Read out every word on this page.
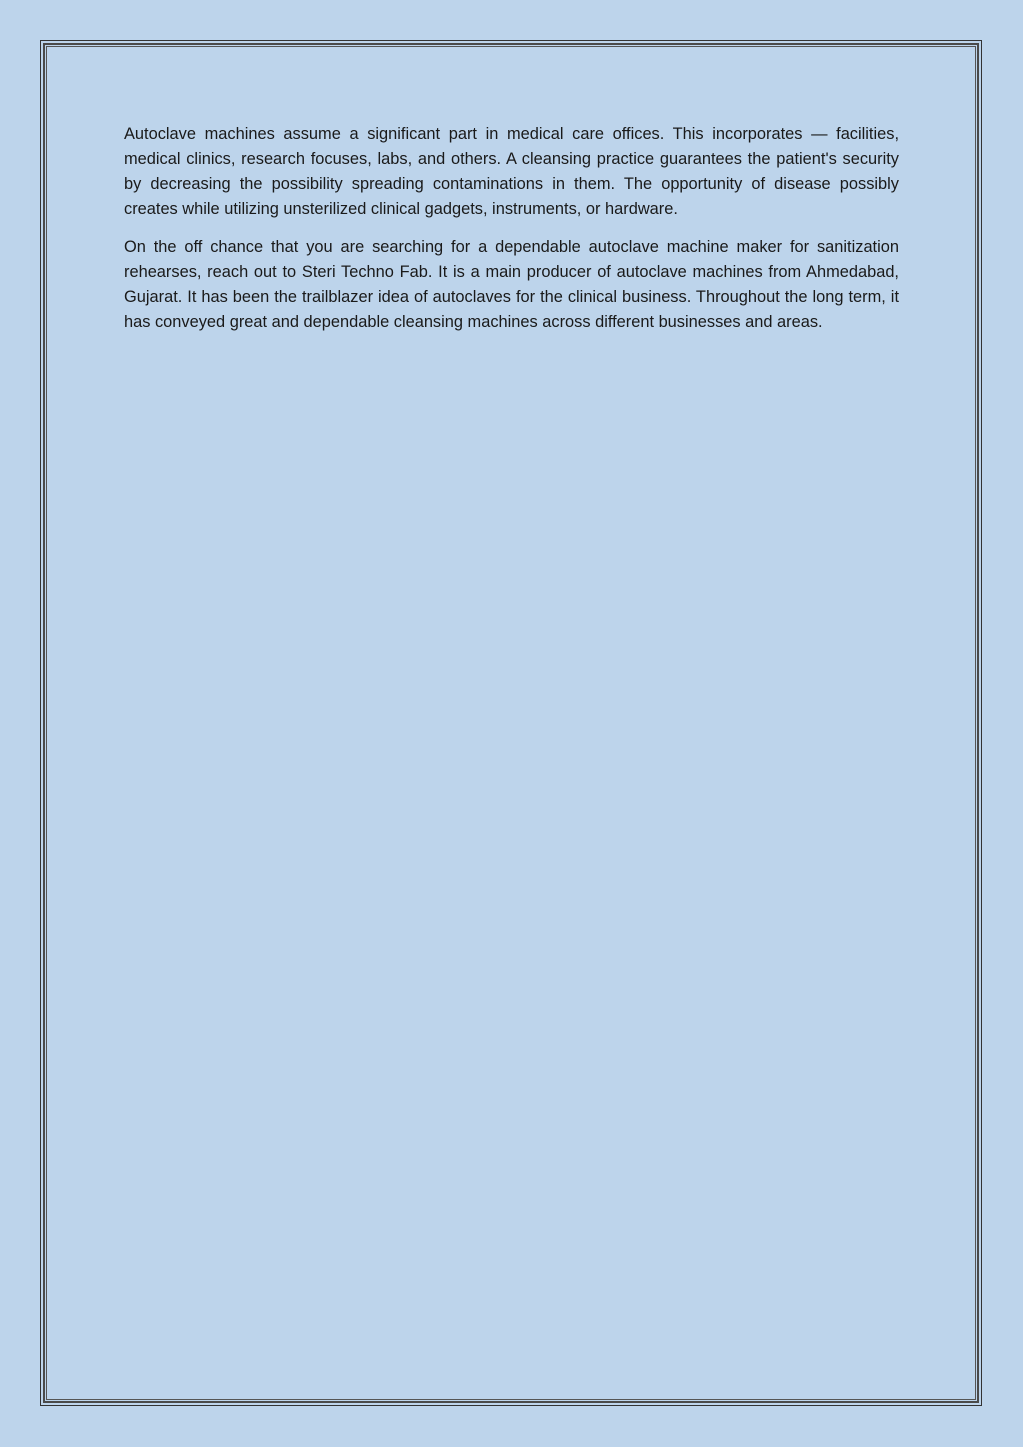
Autoclave machines assume a significant part in medical care offices. This incorporates — facilities, medical clinics, research focuses, labs, and others. A cleansing practice guarantees the patient's security by decreasing the possibility spreading contaminations in them. The opportunity of disease possibly creates while utilizing unsterilized clinical gadgets, instruments, or hardware.

On the off chance that you are searching for a dependable autoclave machine maker for sanitization rehearses, reach out to Steri Techno Fab. It is a main producer of autoclave machines from Ahmedabad, Gujarat. It has been the trailblazer idea of autoclaves for the clinical business. Throughout the long term, it has conveyed great and dependable cleansing machines across different businesses and areas.
